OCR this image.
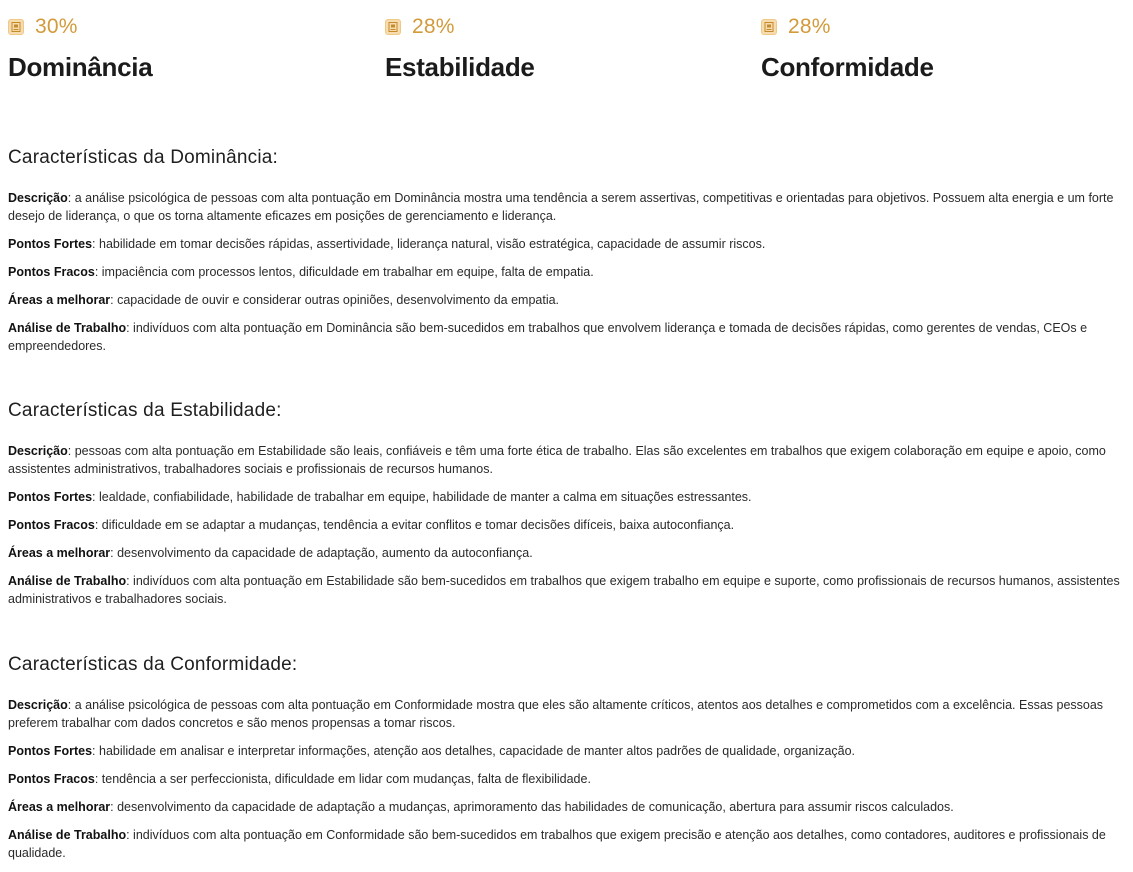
30%
Dominância
28%
Estabilidade
28%
Conformidade
Características da Dominância:

Descrição: a análise psicológica de pessoas com alta pontuação em Dominância mostra uma tendência a serem assertivas, competitivas e orientadas para objetivos. Possuem alta energia e um forte desejo de liderança, o que os torna altamente eficazes em posições de gerenciamento e liderança.

Pontos Fortes: habilidade em tomar decisões rápidas, assertividade, liderança natural, visão estratégica, capacidade de assumir riscos.

Pontos Fracos: impaciência com processos lentos, dificuldade em trabalhar em equipe, falta de empatia.

Áreas a melhorar: capacidade de ouvir e considerar outras opiniões, desenvolvimento da empatia.

Análise de Trabalho: indivíduos com alta pontuação em Dominância são bem-sucedidos em trabalhos que envolvem liderança e tomada de decisões rápidas, como gerentes de vendas, CEOs e empreendedores.

Características da Estabilidade:

Descrição: pessoas com alta pontuação em Estabilidade são leais, confiáveis e têm uma forte ética de trabalho. Elas são excelentes em trabalhos que exigem colaboração em equipe e apoio, como assistentes administrativos, trabalhadores sociais e profissionais de recursos humanos.

Pontos Fortes: lealdade, confiabilidade, habilidade de trabalhar em equipe, habilidade de manter a calma em situações estressantes.

Pontos Fracos: dificuldade em se adaptar a mudanças, tendência a evitar conflitos e tomar decisões difíceis, baixa autoconfiança.

Áreas a melhorar: desenvolvimento da capacidade de adaptação, aumento da autoconfiança.

Análise de Trabalho: indivíduos com alta pontuação em Estabilidade são bem-sucedidos em trabalhos que exigem trabalho em equipe e suporte, como profissionais de recursos humanos, assistentes administrativos e trabalhadores sociais.

Características da Conformidade:

Descrição: a análise psicológica de pessoas com alta pontuação em Conformidade mostra que eles são altamente críticos, atentos aos detalhes e comprometidos com a excelência. Essas pessoas preferem trabalhar com dados concretos e são menos propensas a tomar riscos.

Pontos Fortes: habilidade em analisar e interpretar informações, atenção aos detalhes, capacidade de manter altos padrões de qualidade, organização.

Pontos Fracos: tendência a ser perfeccionista, dificuldade em lidar com mudanças, falta de flexibilidade.

Áreas a melhorar: desenvolvimento da capacidade de adaptação a mudanças, aprimoramento das habilidades de comunicação, abertura para assumir riscos calculados.

Análise de Trabalho: indivíduos com alta pontuação em Conformidade são bem-sucedidos em trabalhos que exigem precisão e atenção aos detalhes, como contadores, auditores e profissionais de qualidade.
